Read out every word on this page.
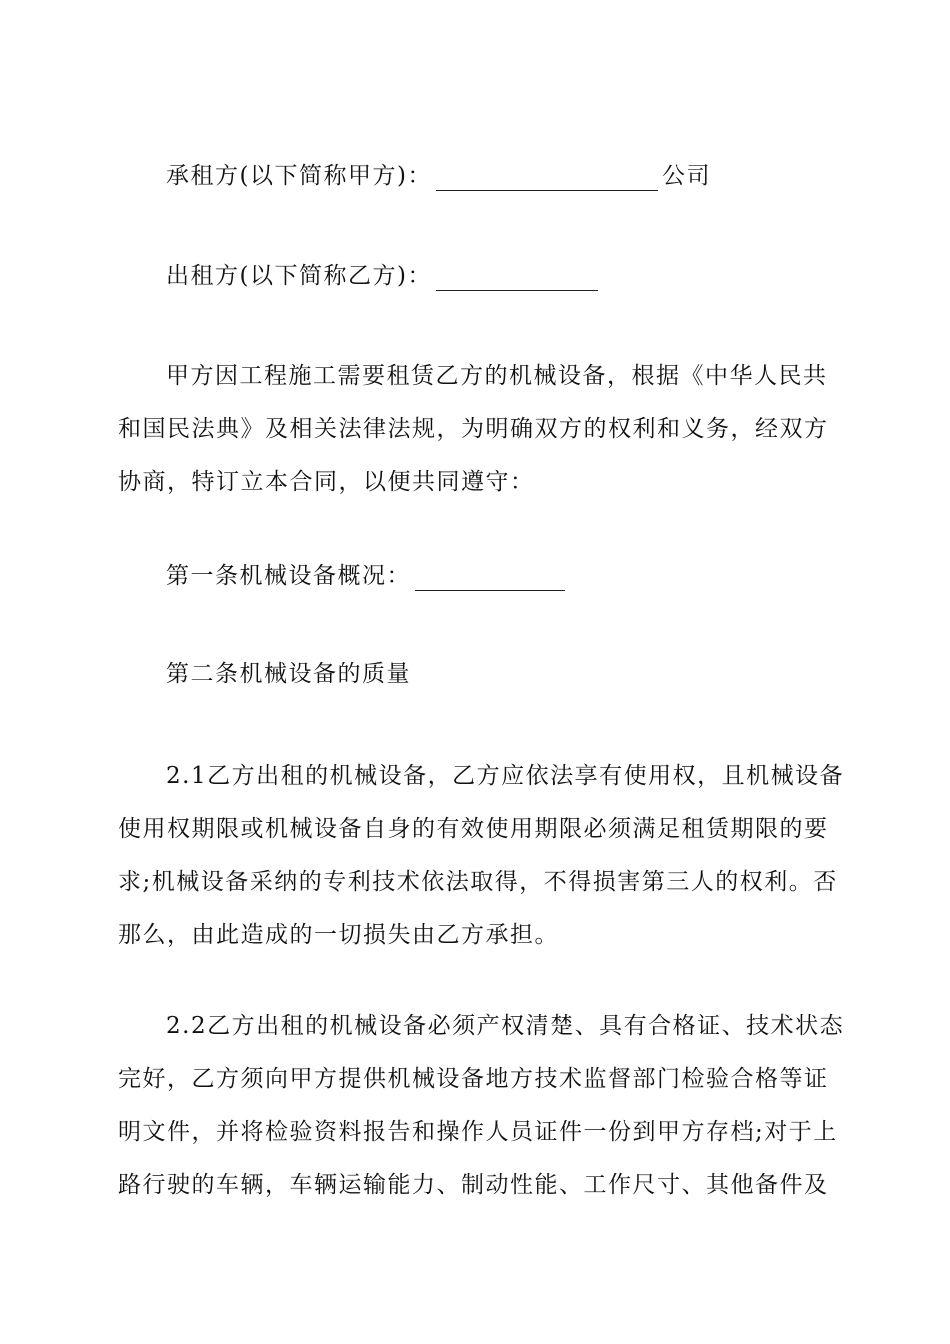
承租方(以下简称甲方)：	公司
出租方(以下简称乙方)：
甲方因工程施工需要租赁乙方的机械设备，根据《中华人民共
和国民法典》及相关法律法规，为明确双方的权利和义务，经双方
协商，特订立本合同，以便共同遵守：
第一条机械设备概况：
第二条机械设备的质量
2.1乙方出租的机械设备，乙方应依法享有使用权，且机械设备
使用权期限或机械设备自身的有效使用期限必须满足租赁期限的要
求;机械设备采纳的专利技术依法取得，不得损害第三人的权利。否
那么，由此造成的一切损失由乙方承担。
2.2乙方出租的机械设备必须产权清楚、具有合格证、技术状态
完好，乙方须向甲方提供机械设备地方技术监督部门检验合格等证
明文件，并将检验资料报告和操作人员证件一份到甲方存档;对于上
路行驶的车辆，车辆运输能力、制动性能、工作尺寸、其他备件及
